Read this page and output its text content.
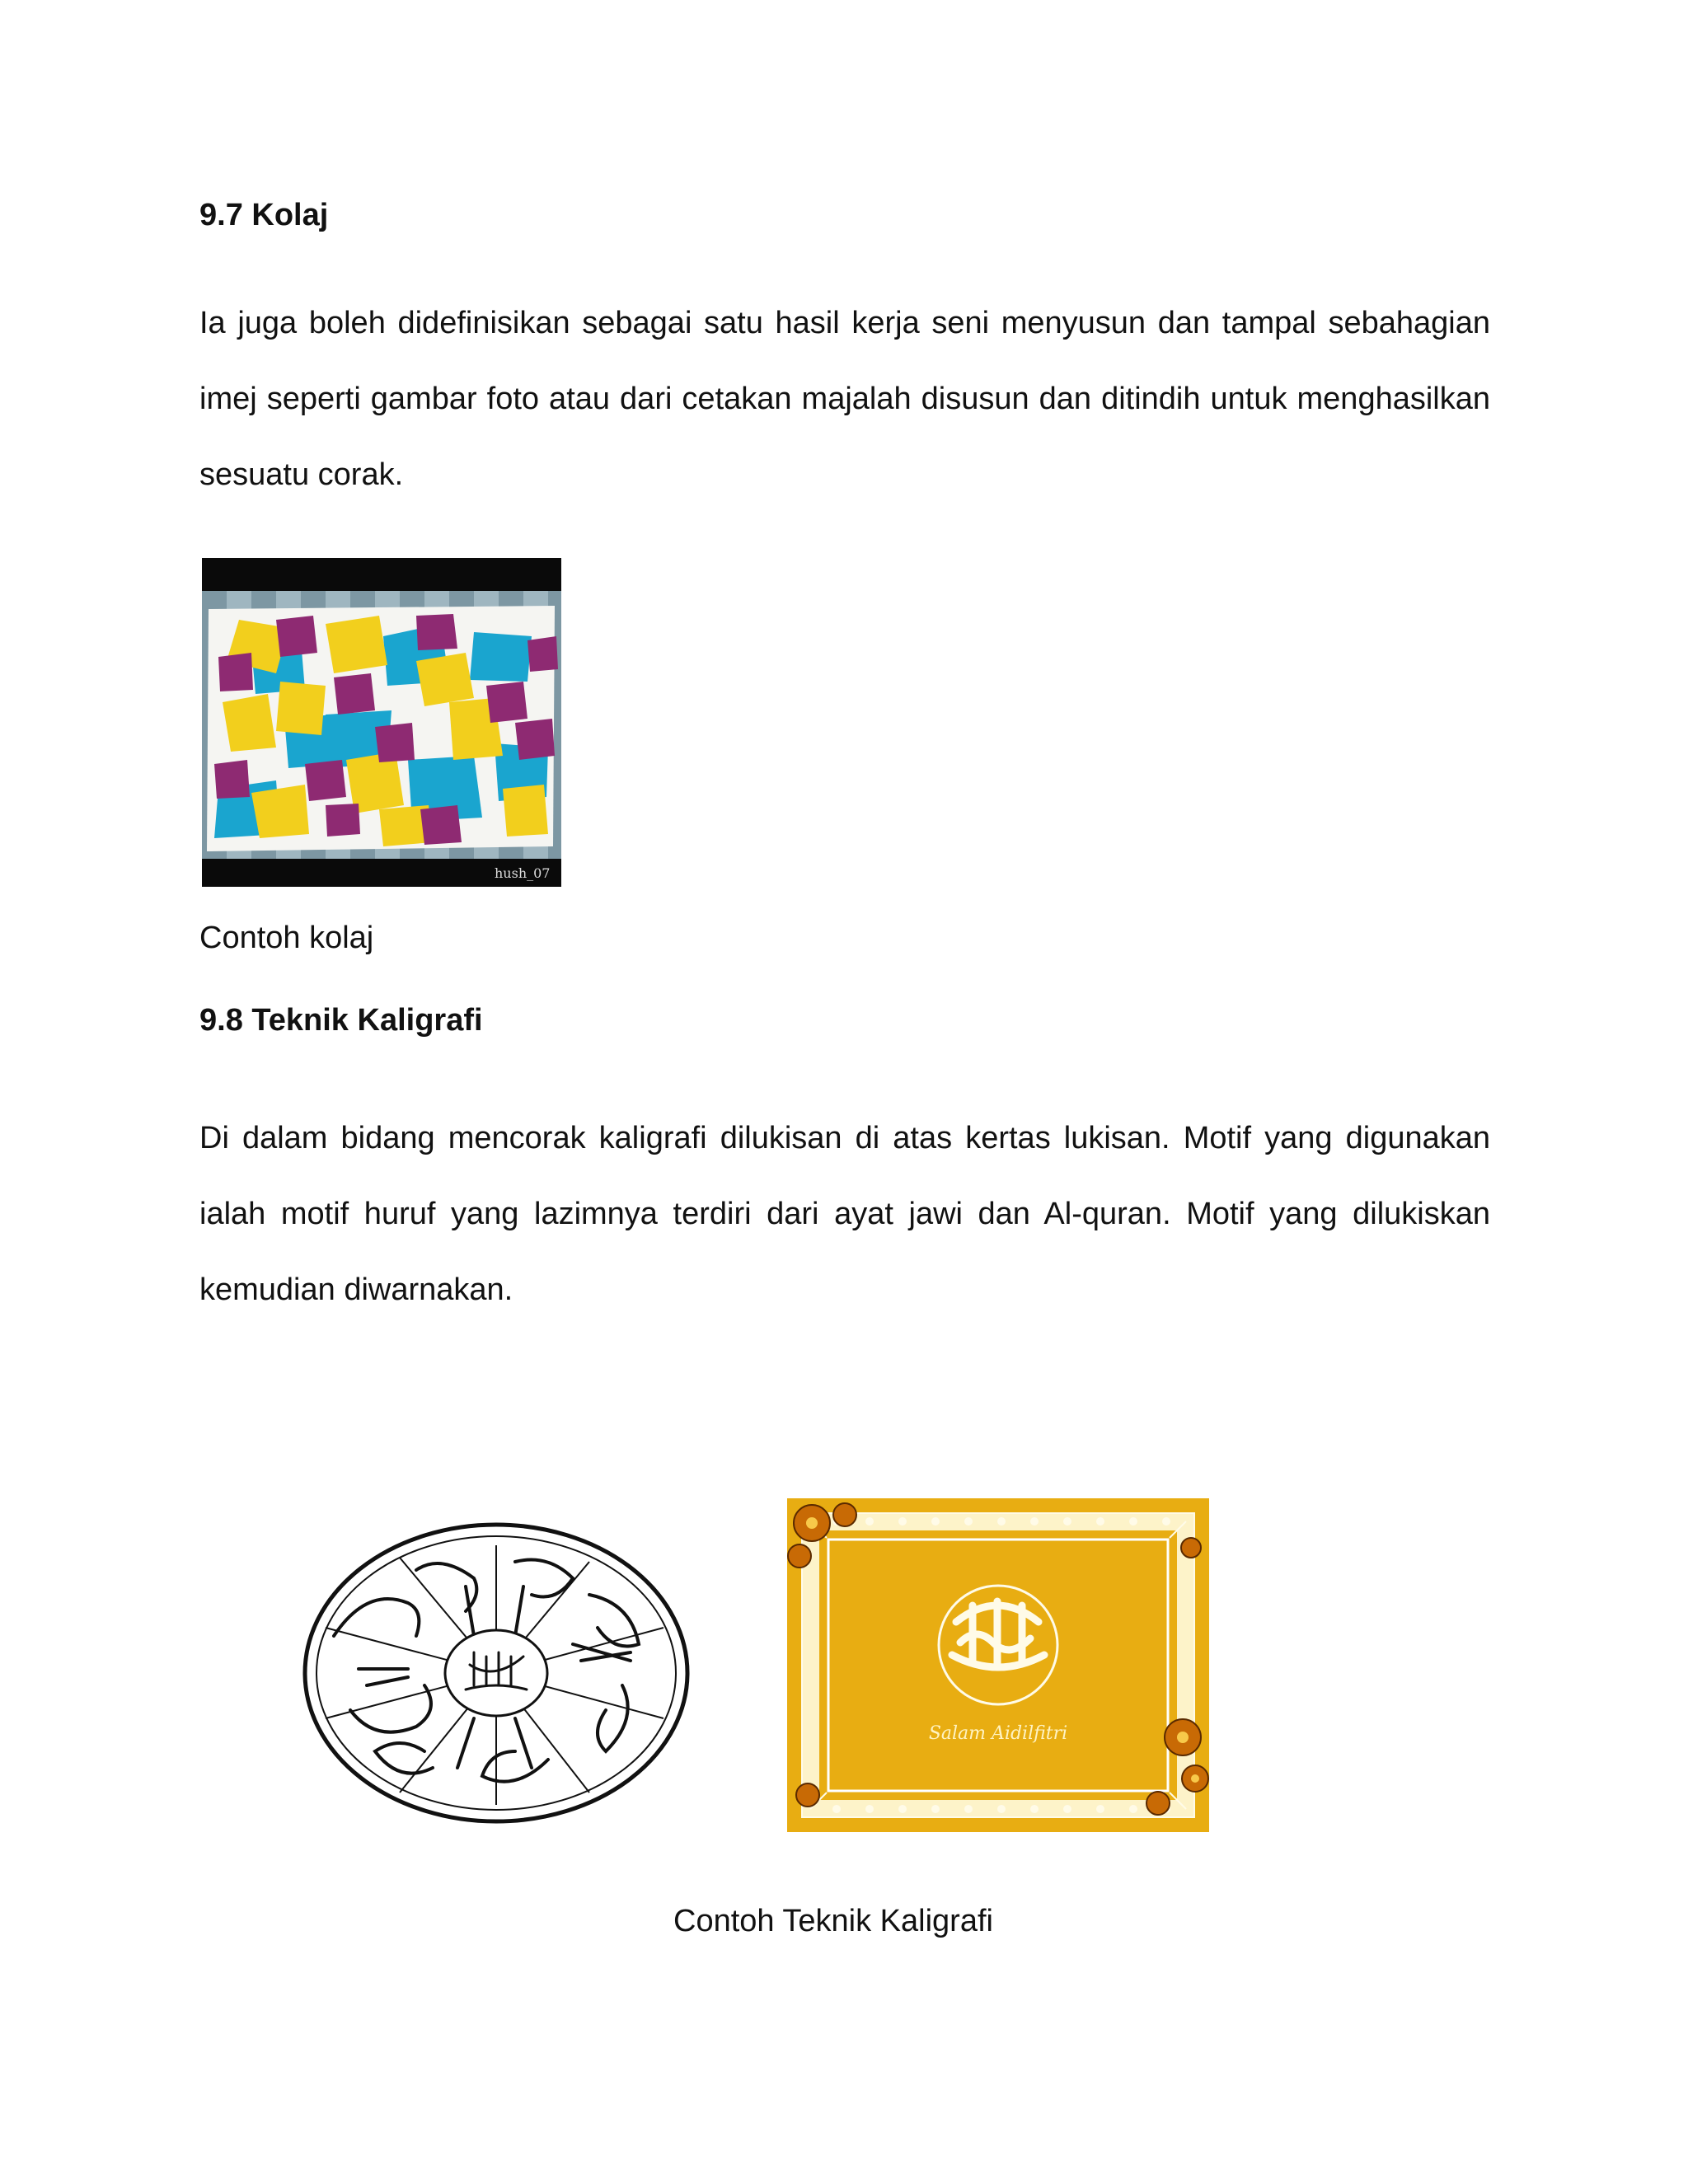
9.7 Kolaj

Ia juga boleh didefinisikan sebagai satu hasil kerja seni menyusun dan tampal sebahagian imej seperti gambar foto atau dari cetakan majalah disusun dan ditindih untuk menghasilkan sesuatu corak.

hush_07

Contoh kolaj

9.8 Teknik Kaligrafi

Di dalam bidang mencorak kaligrafi dilukisan di atas kertas lukisan. Motif yang digunakan ialah motif huruf yang lazimnya terdiri dari ayat jawi dan Al-quran. Motif yang dilukiskan kemudian diwarnakan.

Salam Aidilfitri

Contoh Teknik Kaligrafi
